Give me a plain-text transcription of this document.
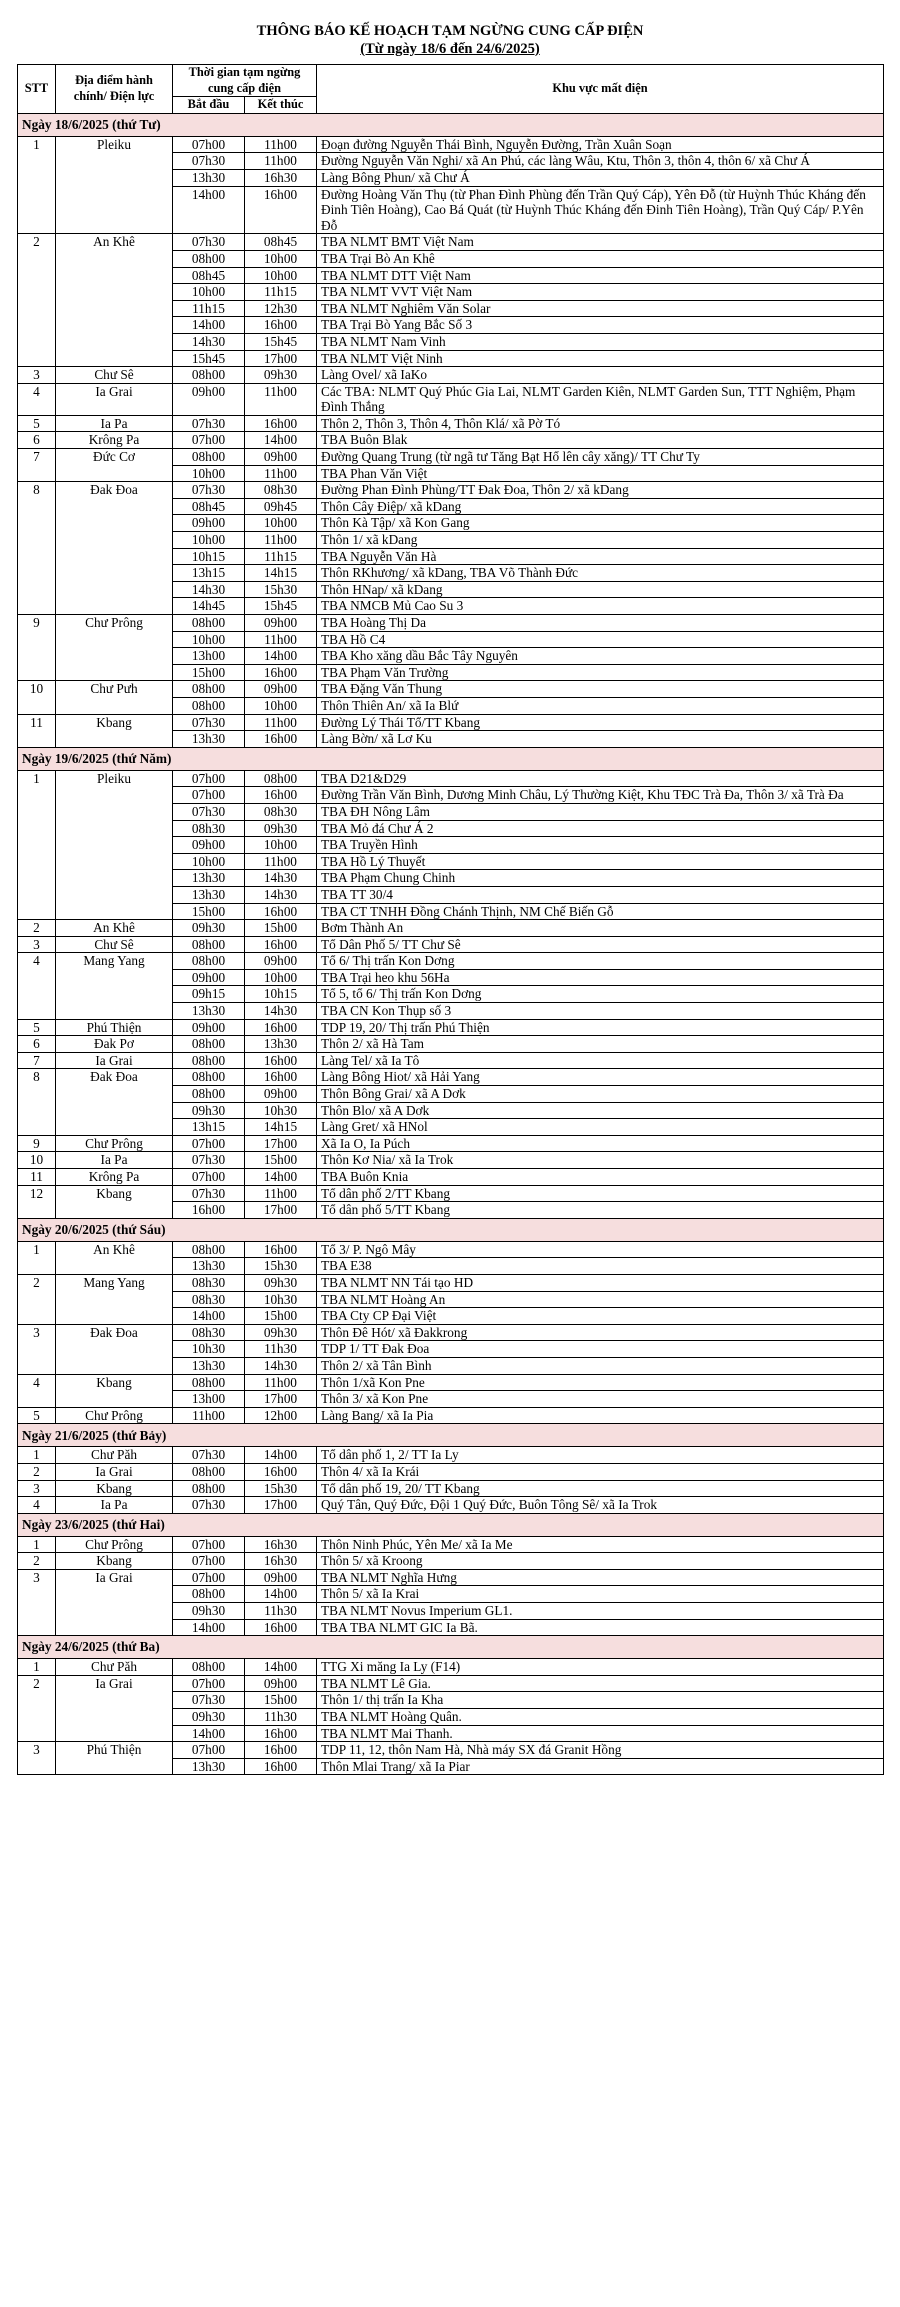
THÔNG BÁO KẾ HOẠCH TẠM NGỪNG CUNG CẤP ĐIỆN
(Từ ngày 18/6 đến 24/6/2025)
STT	Địa điểm hành chính/ Điện lực	Thời gian tạm ngừng cung cấp điện		Khu vực mất điện
		Bắt đầu	Kết thúc	
Ngày 18/6/2025 (thứ Tư)				
1	Pleiku	07h00	11h00	Đoạn đường Nguyễn Thái Bình, Nguyễn Đường, Trần Xuân Soạn
		07h30	11h00	Đường Nguyễn Văn Nghi/ xã An Phú, các làng Wâu, Ktu, Thôn 3, thôn 4, thôn 6/ xã Chư Á
		13h30	16h30	Làng Bông Phun/ xã Chư Á
		14h00	16h00	Đường Hoàng Văn Thụ (từ Phan Đình Phùng đến Trần Quý Cáp), Yên Đỗ (từ Huỳnh Thúc Kháng đến Đinh Tiên Hoàng), Cao Bá Quát (từ Huỳnh Thúc Kháng đến Đinh Tiên Hoàng), Trần Quý Cáp/ P.Yên Đỗ
2	An Khê	07h30	08h45	TBA NLMT BMT Việt Nam
		08h00	10h00	TBA Trại Bò An Khê
		08h45	10h00	TBA NLMT DTT Việt Nam
		10h00	11h15	TBA NLMT VVT Việt Nam
		11h15	12h30	TBA NLMT Nghiêm Văn Solar
		14h00	16h00	TBA Trại Bò Yang Bắc Số 3
		14h30	15h45	TBA NLMT Nam Vinh
		15h45	17h00	TBA NLMT Việt Ninh
3	Chư Sê	08h00	09h30	Làng Ovel/ xã IaKo
4	Ia Grai	09h00	11h00	Các TBA: NLMT Quý Phúc Gia Lai, NLMT Garden Kiên, NLMT Garden Sun, TTT Nghiệm, Phạm Đình Thắng
5	Ia Pa	07h30	16h00	Thôn 2, Thôn 3, Thôn 4, Thôn Klá/ xã Pờ Tó
6	Krông Pa	07h00	14h00	TBA Buôn Blak
7	Đức Cơ	08h00	09h00	Đường Quang Trung (từ ngã tư Tăng Bạt Hổ lên cây xăng)/ TT Chư Ty
		10h00	11h00	TBA Phan Văn Việt
8	Đak Đoa	07h30	08h30	Đường Phan Đình Phùng/TT Đak Đoa, Thôn 2/ xã kDang
		08h45	09h45	Thôn Cây Điệp/ xã kDang
		09h00	10h00	Thôn Kà Tập/ xã Kon Gang
		10h00	11h00	Thôn 1/ xã kDang
		10h15	11h15	TBA Nguyễn Văn Hà
		13h15	14h15	Thôn RKhương/ xã kDang, TBA Võ Thành Đức
		14h30	15h30	Thôn HNap/ xã kDang
		14h45	15h45	TBA NMCB Mủ Cao Su 3
9	Chư Prông	08h00	09h00	TBA Hoàng Thị Da
		10h00	11h00	TBA Hồ C4
		13h00	14h00	TBA Kho xăng dầu Bắc Tây Nguyên
		15h00	16h00	TBA Phạm Văn Trường
10	Chư Pưh	08h00	09h00	TBA Đặng Văn Thung
		08h00	10h00	Thôn Thiên An/ xã Ia Blứ
11	Kbang	07h30	11h00	Đường Lý Thái Tổ/TT Kbang
		13h30	16h00	Làng Bờn/ xã Lơ Ku
Ngày 19/6/2025 (thứ Năm)				
1	Pleiku	07h00	08h00	TBA D21&D29
		07h00	16h00	Đường Trần Văn Bình, Dương Minh Châu, Lý Thường Kiệt, Khu TĐC Trà Đa, Thôn 3/ xã Trà Đa
		07h30	08h30	TBA ĐH Nông Lâm
		08h30	09h30	TBA Mỏ đá Chư Á 2
		09h00	10h00	TBA Truyền Hình
		10h00	11h00	TBA Hồ Lý Thuyết
		13h30	14h30	TBA Phạm Chung Chinh
		13h30	14h30	TBA TT 30/4
		15h00	16h00	TBA CT TNHH Đồng Chánh Thịnh, NM Chế Biến Gỗ
2	An Khê	09h30	15h00	Bơm Thành An
3	Chư Sê	08h00	16h00	Tổ Dân Phố 5/ TT Chư Sê
4	Mang Yang	08h00	09h00	Tổ 6/ Thị trấn Kon Dơng
		09h00	10h00	TBA Trại heo khu 56Ha
		09h15	10h15	Tổ 5, tổ 6/ Thị trấn Kon Dơng
		13h30	14h30	TBA CN Kon Thụp số 3
5	Phú Thiện	09h00	16h00	TDP 19, 20/ Thị trấn Phú Thiện
6	Đak Pơ	08h00	13h30	Thôn 2/ xã Hà Tam
7	Ia Grai	08h00	16h00	Làng Tel/ xã Ia Tô
8	Đak Đoa	08h00	16h00	Làng Bông Hiot/ xã Hải Yang
		08h00	09h00	Thôn Bông Grai/ xã A Dơk
		09h30	10h30	Thôn Blo/ xã A Dơk
		13h15	14h15	Làng Gret/ xã HNol
9	Chư Prông	07h00	17h00	Xã Ia O, Ia Púch
10	Ia Pa	07h30	15h00	Thôn Kơ Nia/ xã Ia Trok
11	Krông Pa	07h00	14h00	TBA Buôn Knia
12	Kbang	07h30	11h00	Tổ dân phố 2/TT Kbang
		16h00	17h00	Tổ dân phố 5/TT Kbang
Ngày 20/6/2025 (thứ Sáu)				
1	An Khê	08h00	16h00	Tổ 3/ P. Ngô Mây
		13h30	15h30	TBA E38
2	Mang Yang	08h30	09h30	TBA NLMT NN Tái tạo HD
		08h30	10h30	TBA NLMT Hoàng An
		14h00	15h00	TBA Cty CP Đại Việt
3	Đak Đoa	08h30	09h30	Thôn Đê Hót/ xã Đakkrong
		10h30	11h30	TDP 1/ TT Đak Đoa
		13h30	14h30	Thôn 2/ xã Tân Bình
4	Kbang	08h00	11h00	Thôn 1/xã Kon Pne
		13h00	17h00	Thôn 3/ xã Kon Pne
5	Chư Prông	11h00	12h00	Làng Bang/ xã Ia Pia
Ngày 21/6/2025 (thứ Bảy)				
1	Chư Păh	07h30	14h00	Tổ dân phố 1, 2/ TT Ia Ly
2	Ia Grai	08h00	16h00	Thôn 4/ xã Ia Krái
3	Kbang	08h00	15h30	Tổ dân phố 19, 20/ TT Kbang
4	Ia Pa	07h30	17h00	Quý Tân, Quý Đức, Đội 1 Quý Đức, Buôn Tông Sê/ xã Ia Trok
Ngày 23/6/2025 (thứ Hai)				
1	Chư Prông	07h00	16h30	Thôn Ninh Phúc, Yên Me/ xã Ia Me
2	Kbang	07h00	16h30	Thôn 5/ xã Kroong
3	Ia Grai	07h00	09h00	TBA NLMT Nghĩa Hưng
		08h00	14h00	Thôn 5/ xã Ia Krai
		09h30	11h30	TBA NLMT Novus Imperium GL1.
		14h00	16h00	TBA TBA NLMT GIC Ia Bã.
Ngày 24/6/2025 (thứ Ba)				
1	Chư Păh	08h00	14h00	TTG Xi măng Ia Ly (F14)
2	Ia Grai	07h00	09h00	TBA NLMT Lê Gia.
		07h30	15h00	Thôn 1/ thị trấn Ia Kha
		09h30	11h30	TBA NLMT Hoàng Quân.
		14h00	16h00	TBA NLMT Mai Thanh.
3	Phú Thiện	07h00	16h00	TDP 11, 12, thôn Nam Hà, Nhà máy SX đá Granit Hồng
		13h30	16h00	Thôn Mlai Trang/ xã Ia Piar
